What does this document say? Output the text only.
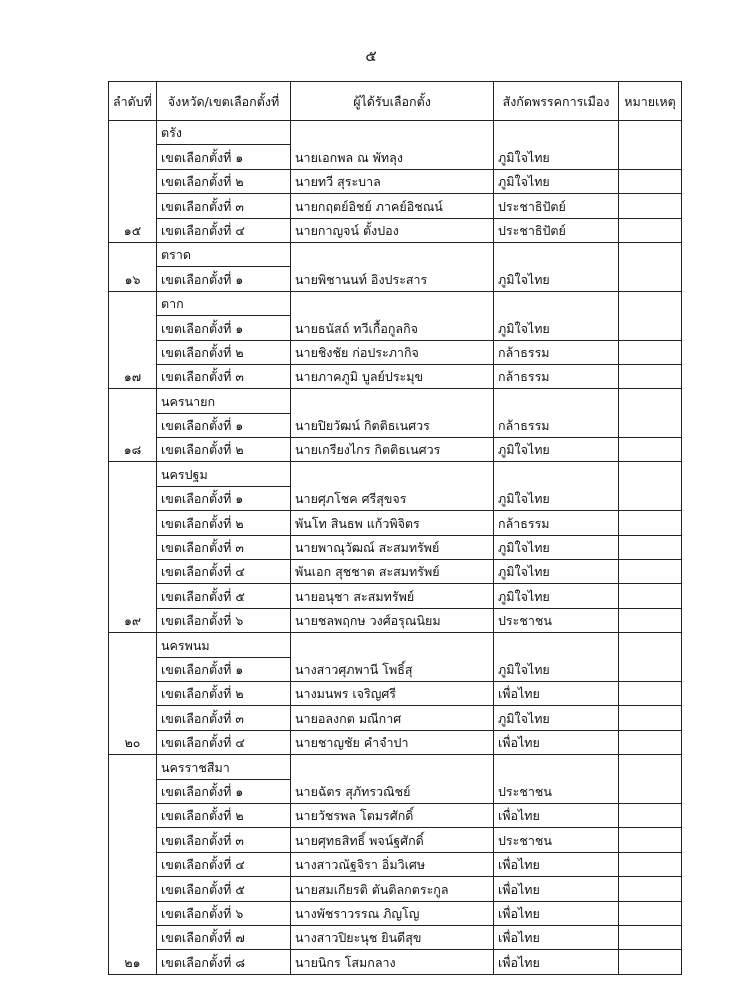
๕
ลำดับที่	จังหวัด/เขตเลือกตั้งที่	ผู้ได้รับเลือกตั้ง	สังกัดพรรคการเมือง	หมายเหตุ
๑๕	ตรัง			
	เขตเลือกตั้งที่ ๑	นายเอกพล ณ พัทลุง	ภูมิใจไทย	
	เขตเลือกตั้งที่ ๒	นายทวี สุระบาล	ภูมิใจไทย	
	เขตเลือกตั้งที่ ๓	นายกฤตย์อิชย์ ภาคย์อิชณน์	ประชาธิปัตย์	
	เขตเลือกตั้งที่ ๔	นายกาญจน์ ตั้งปอง	ประชาธิปัตย์	
๑๖	ตราด			
	เขตเลือกตั้งที่ ๑	นายพิชานนท์ อิงประสาร	ภูมิใจไทย	
๑๗	ตาก			
	เขตเลือกตั้งที่ ๑	นายธนัสถ์ ทวีเกื้อกูลกิจ	ภูมิใจไทย	
	เขตเลือกตั้งที่ ๒	นายชิงชัย ก่อประภากิจ	กล้าธรรม	
	เขตเลือกตั้งที่ ๓	นายภาคภูมิ บูลย์ประมุข	กล้าธรรม	
๑๘	นครนายก			
	เขตเลือกตั้งที่ ๑	นายปิยวัฒน์ กิตติธเนศวร	กล้าธรรม	
	เขตเลือกตั้งที่ ๒	นายเกรียงไกร กิตติธเนศวร	ภูมิใจไทย	
๑๙	นครปฐม			
	เขตเลือกตั้งที่ ๑	นายศุภโชค ศรีสุขจร	ภูมิใจไทย	
	เขตเลือกตั้งที่ ๒	พันโท สินธพ แก้วพิจิตร	กล้าธรรม	
	เขตเลือกตั้งที่ ๓	นายพาณุวัฒณ์ สะสมทรัพย์	ภูมิใจไทย	
	เขตเลือกตั้งที่ ๔	พันเอก สุชชาต สะสมทรัพย์	ภูมิใจไทย	
	เขตเลือกตั้งที่ ๕	นายอนุชา สะสมทรัพย์	ภูมิใจไทย	
	เขตเลือกตั้งที่ ๖	นายชลพฤกษ วงศ์อรุณนิยม	ประชาชน	
๒๐	นครพนม			
	เขตเลือกตั้งที่ ๑	นางสาวศุภพานี โพธิ์สุ	ภูมิใจไทย	
	เขตเลือกตั้งที่ ๒	นางมนพร เจริญศรี	เพื่อไทย	
	เขตเลือกตั้งที่ ๓	นายอลงกต มณีกาศ	ภูมิใจไทย	
	เขตเลือกตั้งที่ ๔	นายชาญชัย คำจำปา	เพื่อไทย	
๒๑	นครราชสีมา			
	เขตเลือกตั้งที่ ๑	นายฉัตร สุภัทรวณิชย์	ประชาชน	
	เขตเลือกตั้งที่ ๒	นายวัชรพล โตมรศักดิ์	เพื่อไทย	
	เขตเลือกตั้งที่ ๓	นายศุทธสิทธิ์ พจน์ฐศักดิ์	ประชาชน	
	เขตเลือกตั้งที่ ๔	นางสาวณัฐจิรา อิ่มวิเศษ	เพื่อไทย	
	เขตเลือกตั้งที่ ๕	นายสมเกียรติ ตันติลกตระกูล	เพื่อไทย	
	เขตเลือกตั้งที่ ๖	นางพัชราวรรณ ภิญโญ	เพื่อไทย	
	เขตเลือกตั้งที่ ๗	นางสาวปิยะนุช ยินดีสุข	เพื่อไทย	
	เขตเลือกตั้งที่ ๘	นายนิกร โสมกลาง	เพื่อไทย	
